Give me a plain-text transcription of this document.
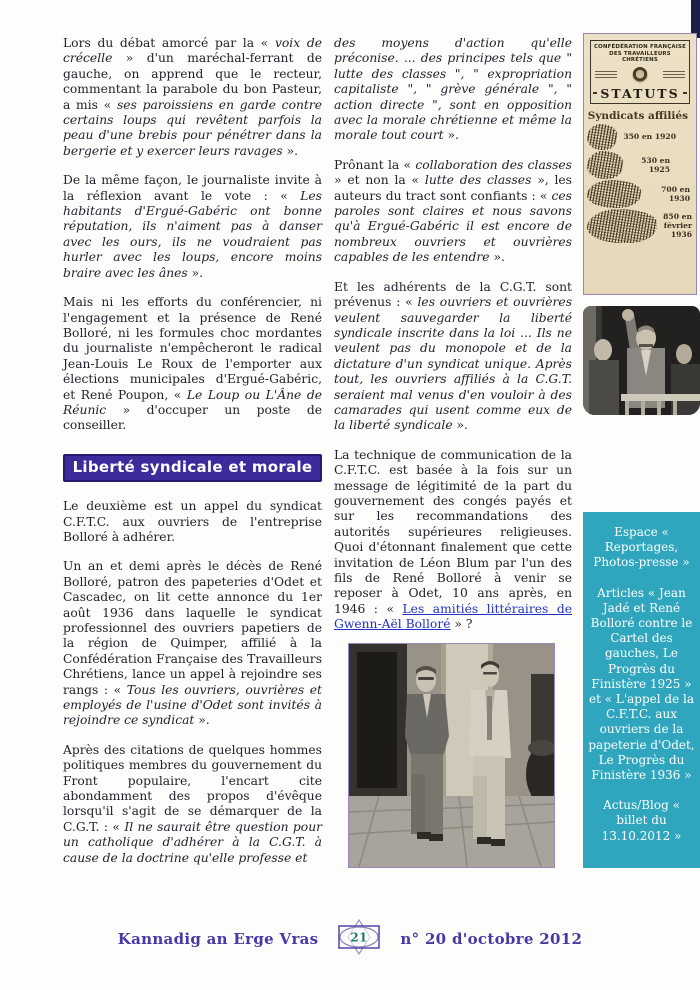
Lors du débat amorcé par la « voix de crécelle » d'un maréchal-ferrant de gauche, on apprend que le recteur, commentant la parabole du bon Pasteur, a mis « ses paroissiens en garde contre certains loups qui revêtent parfois la peau d'une brebis pour pénétrer dans la bergerie et y exercer leurs ravages ».

De la même façon, le journaliste invite à la réflexion avant le vote : « Les habitants d'Ergué-Gabéric ont bonne réputation, ils n'aiment pas à danser avec les ours, ils ne voudraient pas hurler avec les loups, encore moins braire avec les ânes ».

Mais ni les efforts du conférencier, ni l'engagement et la présence de René Bolloré, ni les formules choc mordantes du journaliste n'empêcheront le radical Jean-Louis Le Roux de l'emporter aux élections municipales d'Ergué-Gabéric, et René Poupon, « Le Loup ou L'Âne de Réunic » d'occuper un poste de conseiller.

Liberté syndicale et morale

Le deuxième est un appel du syndicat C.F.T.C. aux ouvriers de l'entreprise Bolloré à adhérer.

Un an et demi après le décès de René Bolloré, patron des papeteries d'Odet et Cascadec, on lit cette annonce du 1er août 1936 dans laquelle le syndicat professionnel des ouvriers papetiers de la région de Quimper, affilié à la Confédération Française des Travailleurs Chrétiens, lance un appel à rejoindre ses rangs : « Tous les ouvriers, ouvrières et employés de l'usine d'Odet sont invités à rejoindre ce syndicat ».

Après des citations de quelques hommes politiques membres du gouvernement du Front populaire, l'encart cite abondamment des propos d'évêque lorsqu'il s'agit de se démarquer de la C.G.T. : « Il ne saurait être question pour un catholique d'adhérer à la C.G.T. à cause de la doctrine qu'elle professe et

des moyens d'action qu'elle préconise. ... des principes tels que " lutte des classes ", " expropriation capitaliste ", " grève générale ", " action directe ", sont en opposition avec la morale chrétienne et même la morale tout court ».

Prônant la « collaboration des classes » et non la « lutte des classes », les auteurs du tract sont confiants : « ces paroles sont claires et nous savons qu'à Ergué-Gabéric il est encore de nombreux ouvriers et ouvrières capables de les entendre ».

Et les adhérents de la C.G.T. sont prévenus : « les ouvriers et ouvrières veulent sauvegarder la liberté syndicale inscrite dans la loi ... Ils ne veulent pas du monopole et de la dictature d'un syndicat unique. Après tout, les ouvriers affiliés à la C.G.T. seraient mal venus d'en vouloir à des camarades qui usent comme eux de la liberté syndicale ».

La technique de communication de la C.F.T.C. est basée à la fois sur un message de légitimité de la part du gouvernement des congés payés et sur les recommandations des autorités supérieures religieuses. Quoi d'étonnant finalement que cette invitation de Léon Blum par l'un des fils de René Bolloré à venir se reposer à Odet, 10 ans après, en 1946 : « Les amitiés littéraires de Gwenn-Aël Bolloré » ?

CONFÉDÉRATION FRANÇAISE
DES TRAVAILLEURS CHRÉTIENS
STATUTS
Syndicats affiliés
350 en 1920
530 en 1925
700 en 1930
850 en février 1936

Espace « Reportages, Photos-presse »

Articles « Jean Jadé et René Bolloré contre le Cartel des gauches, Le Progrès du Finistère 1925 » et « L'appel de la C.F.T.C. aux ouvriers de la papeterie d'Odet, Le Progrès du Finistère 1936 »

Actus/Blog « billet du 13.10.2012 »

Kannadig an Erge Vras	21 n° 20 d'octobre 2012
